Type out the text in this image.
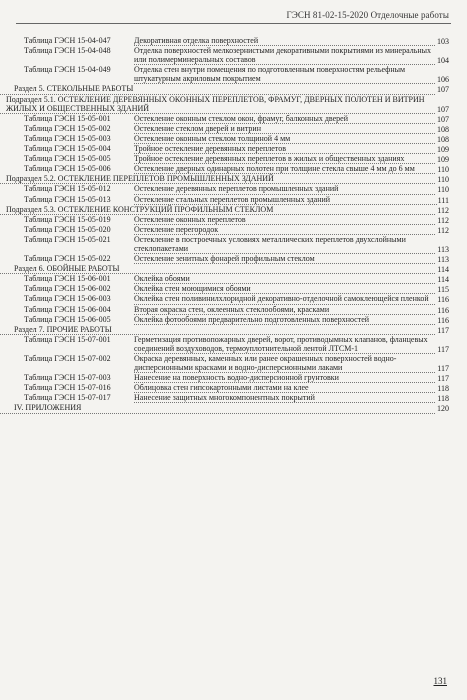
ГЭСН 81-02-15-2020 Отделочные работы
Таблица ГЭСН 15-04-047	Декоративная отделка поверхностей	103
Таблица ГЭСН 15-04-048	Отделка поверхностей мелкозернистыми декоративными покрытиями из минеральных или полимерминеральных составов	104
Таблица ГЭСН 15-04-049	Отделка стен внутри помещения по подготовленным поверхностям рельефным штукатурным акриловым покрытием	106
Раздел 5. СТЕКОЛЬНЫЕ РАБОТЫ	107
Подраздел 5.1. ОСТЕКЛЕНИЕ ДЕРЕВЯННЫХ ОКОННЫХ ПЕРЕПЛЕТОВ, ФРАМУГ, ДВЕРНЫХ ПОЛОТЕН И ВИТРИН ЖИЛЫХ И ОБЩЕСТВЕННЫХ ЗДАНИЙ	107
Таблица ГЭСН 15-05-001	Остекление оконным стеклом окон, фрамуг, балконных дверей	107
Таблица ГЭСН 15-05-002	Остекление стеклом дверей и витрин	108
Таблица ГЭСН 15-05-003	Остекление оконным стеклом толщиной 4 мм	108
Таблица ГЭСН 15-05-004	Тройное остекление деревянных переплетов	109
Таблица ГЭСН 15-05-005	Тройное остекление деревянных переплетов в жилых и общественных зданиях	109
Таблица ГЭСН 15-05-006	Остекление дверных одинарных полотен при толщине стекла свыше 4 мм до 6 мм	110
Подраздел 5.2. ОСТЕКЛЕНИЕ ПЕРЕПЛЕТОВ ПРОМЫШЛЕННЫХ ЗДАНИЙ	110
Таблица ГЭСН 15-05-012	Остекление деревянных переплетов промышленных зданий	110
Таблица ГЭСН 15-05-013	Остекление стальных переплетов промышленных зданий	111
Подраздел 5.3. ОСТЕКЛЕНИЕ КОНСТРУКЦИЙ ПРОФИЛЬНЫМ СТЕКЛОМ	112
Таблица ГЭСН 15-05-019	Остекление оконных переплетов	112
Таблица ГЭСН 15-05-020	Остекление перегородок	112
Таблица ГЭСН 15-05-021	Остекление в построечных условиях металлических переплетов двухслойными стеклопакетами	113
Таблица ГЭСН 15-05-022	Остекление зенитных фонарей профильным стеклом	113
Раздел 6. ОБОЙНЫЕ РАБОТЫ	114
Таблица ГЭСН 15-06-001	Оклейка обоями	114
Таблица ГЭСН 15-06-002	Оклейка стен моющимися обоями	115
Таблица ГЭСН 15-06-003	Оклейка стен поливинилхлоридной декоративно-отделочной самоклеющейся пленкой	116
Таблица ГЭСН 15-06-004	Вторая окраска стен, оклеенных стеклообоями, красками	116
Таблица ГЭСН 15-06-005	Оклейка фотообоями предварительно подготовленных поверхностей	116
Раздел 7. ПРОЧИЕ РАБОТЫ	117
Таблица ГЭСН 15-07-001	Герметизация противопожарных дверей, ворот, противодымных клапанов, фланцевых соединений воздуховодов, термоуплотнительной лентой ЛТСМ-1	117
Таблица ГЭСН 15-07-002	Окраска деревянных, каменных или ранее окрашенных поверхностей водно-дисперсионными красками и водно-дисперсионными лаками	117
Таблица ГЭСН 15-07-003	Нанесение на поверхность водно-дисперсионной грунтовки	117
Таблица ГЭСН 15-07-016	Облицовка стен гипсокартонными листами на клее	118
Таблица ГЭСН 15-07-017	Нанесение защитных многокомпонентных покрытий	118
IV. ПРИЛОЖЕНИЯ	120
131
